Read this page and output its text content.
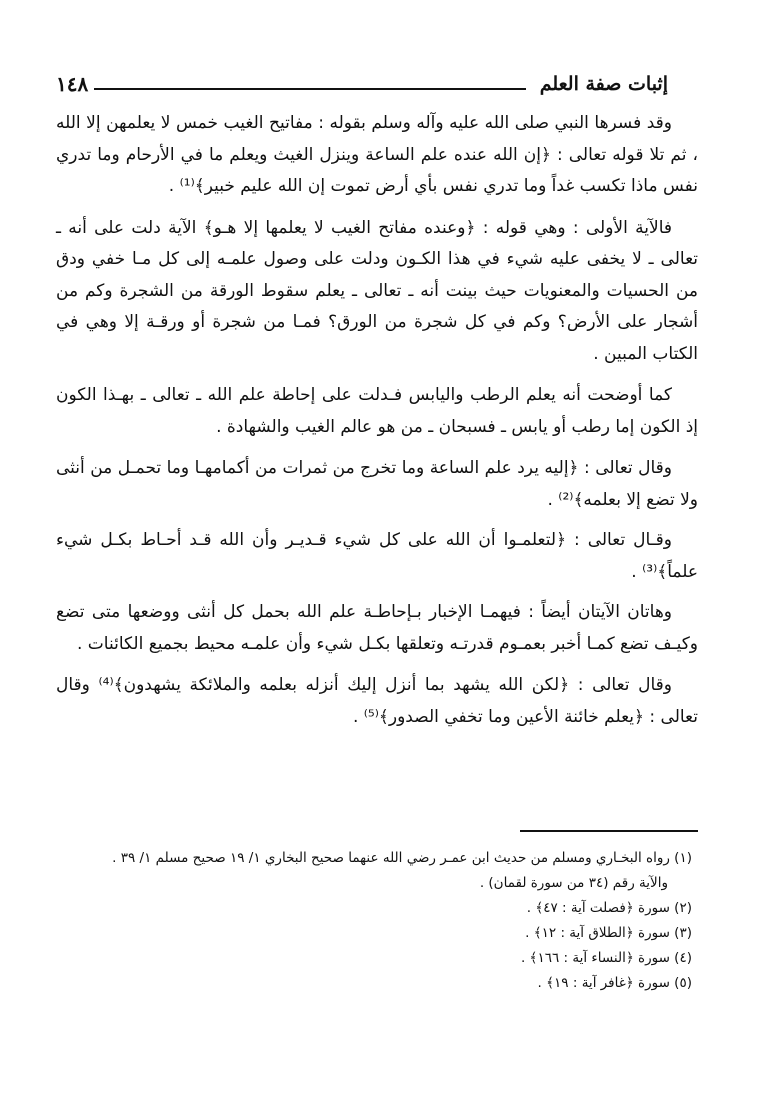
إثبات صفة العلم
١٤٨

وقد فسرها النبي صلى الله عليه وآله وسلم بقوله : مفاتيح الغيب خمس لا يعلمهن إلا الله ، ثم تلا قوله تعالى : ﴿إن الله عنده علم الساعة وينزل الغيث ويعلم ما في الأرحام وما تدري نفس ماذا تكسب غداً وما تدري نفس بأي أرض تموت إن الله عليم خبير﴾⁽¹⁾ .

فالآية الأولى : وهي قوله : ﴿وعنده مفاتح الغيب لا يعلمها إلا هـو﴾ الآية دلت على أنه ـ تعالى ـ لا يخفى عليه شيء في هذا الكـون ودلت على وصول علمـه إلى كل مـا خفي ودق من الحسيات والمعنويات حيث بينت أنه ـ تعالى ـ يعلم سقوط الورقة من الشجرة وكم من أشجار على الأرض؟ وكم في كل شجرة من الورق؟ فمـا من شجرة أو ورقـة إلا وهي في الكتاب المبين .

كما أوضحت أنه يعلم الرطب واليابس فـدلت على إحاطة علم الله ـ تعالى ـ بهـذا الكون إذ الكون إما رطب أو يابس ـ فسبحان ـ من هو عالم الغيب والشهادة .

وقال تعالى : ﴿إليه يرد علم الساعة وما تخرج من ثمرات من أكمامهـا وما تحمـل من أنثى ولا تضع إلا بعلمه﴾⁽²⁾ .

وقـال تعالى : ﴿لتعلمـوا أن الله على كل شيء قـديـر وأن الله قـد أحـاط بكـل شيء علماً﴾⁽³⁾ .

وهاتان الآيتان أيضاً : فيهمـا الإخبار بـإحاطـة علم الله بحمل كل أنثى ووضعها متى تضع وكيـف تضع كمـا أخبر بعمـوم قدرتـه وتعلقها بكـل شيء وأن علمـه محيط بجميع الكائنات .

وقال تعالى : ﴿لكن الله يشهد بما أنزل إليك أنزله بعلمه والملائكة يشهدون﴾⁽⁴⁾ وقال تعالى : ﴿يعلم خائنة الأعين وما تخفي الصدور﴾⁽⁵⁾ .

(١) رواه البخـاري ومسلم من حديث ابن عمـر رضي الله عنهما صحيح البخاري ١/ ١٩ صحيح مسلم ١/ ٣٩ .

والآية رقم (٣٤ من سورة لقمان) .

(٢) سورة ﴿فصلت آية : ٤٧﴾ .

(٣) سورة ﴿الطلاق آية : ١٢﴾ .

(٤) سورة ﴿النساء آية : ١٦٦﴾ .

(٥) سورة ﴿غافر آية : ١٩﴾ .
